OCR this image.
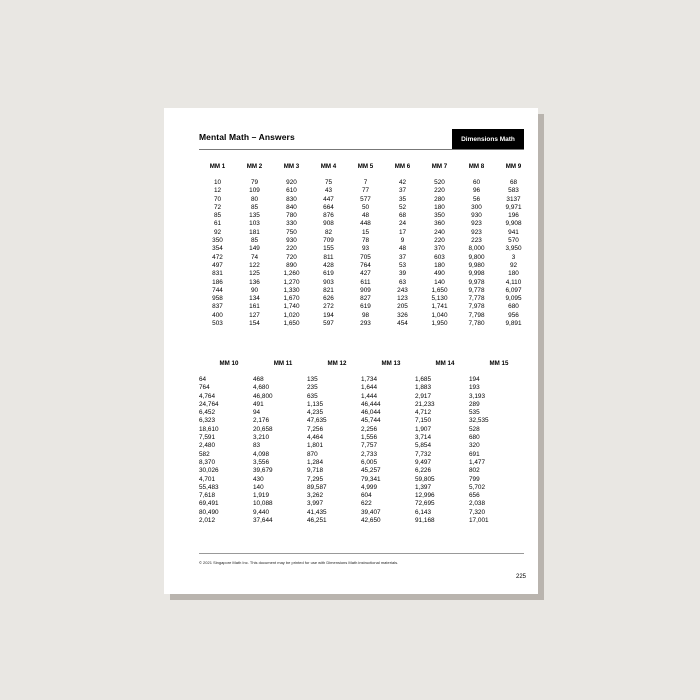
Mental Math – Answers	Dimensions Math
MM 1
10
12
70
72
85
61
92
350
354
472
497
831
186
744
958
837
400
503
MM 2
79
109
80
85
135
103
181
85
149
74
122
125
136
90
134
161
127
154
MM 3
920
610
830
840
780
330
750
930
220
720
890
1,260
1,270
1,330
1,670
1,740
1,020
1,650
MM 4
75
43
447
664
876
908
82
709
155
811
428
619
903
821
626
272
194
597
MM 5
7
77
577
50
48
448
15
78
93
705
764
427
611
909
827
619
98
293
MM 6
42
37
35
52
68
24
17
9
48
37
53
39
63
243
123
205
326
454
MM 7
520
220
280
180
350
360
240
220
370
603
180
490
140
1,650
5,130
1,741
1,040
1,950
MM 8
60
96
56
300
930
923
923
223
8,000
9,800
9,980
9,998
9,978
9,778
7,778
7,978
7,798
7,780
MM 9
68
583
3137
9,971
196
9,908
941
570
3,950
3
92
180
4,110
6,097
9,095
680
956
9,891
MM 10
64
764
4,764
24,764
6,452
6,323
18,610
7,591
2,480
582
8,370
30,026
4,701
55,483
7,618
69,491
80,490
2,012
MM 11
468
4,680
46,800
491
94
2,176
20,658
3,210
83
4,098
3,556
39,679
430
140
1,919
10,088
9,440
37,644
MM 12
135
235
635
1,135
4,235
47,635
7,256
4,464
1,801
870
1,284
9,718
7,295
89,587
3,262
3,997
41,435
46,251
MM 13
1,734
1,644
1,444
46,444
46,044
45,744
2,256
1,556
7,757
2,733
6,005
45,257
79,341
4,999
604
622
39,407
42,650
MM 14
1,685
1,883
2,917
21,233
4,712
7,150
1,907
3,714
5,854
7,732
9,497
6,226
59,805
1,397
12,996
72,695
6,143
91,168
MM 15
194
193
3,193
289
535
32,535
528
680
320
691
1,477
802
799
5,702
656
2,038
7,320
17,001
© 2021 Singapore Math Inc. This document may be printed for use with Dimensions Math instructional materials.
225
